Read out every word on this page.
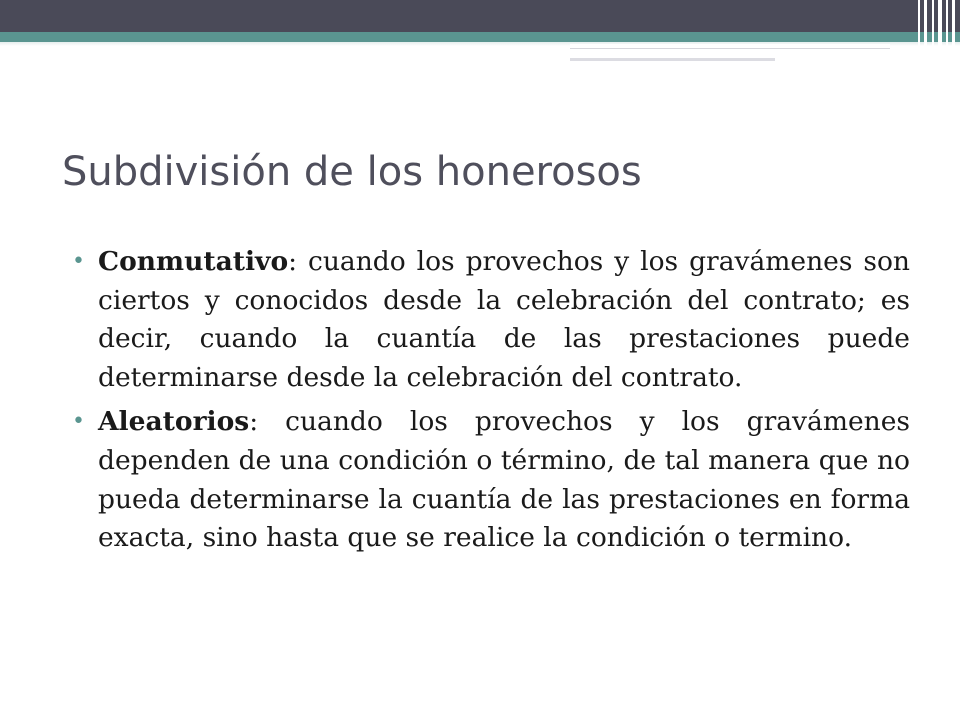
Subdivisión de los honerosos

• Conmutativo: cuando los provechos y los gravámenes son ciertos y conocidos desde la celebración del contrato; es decir, cuando la cuantía de las prestaciones puede determinarse desde la celebración del contrato.

• Aleatorios: cuando los provechos y los gravámenes dependen de una condición o término, de tal manera que no pueda determinarse la cuantía de las prestaciones en forma exacta, sino hasta que se realice la condición o termino.
